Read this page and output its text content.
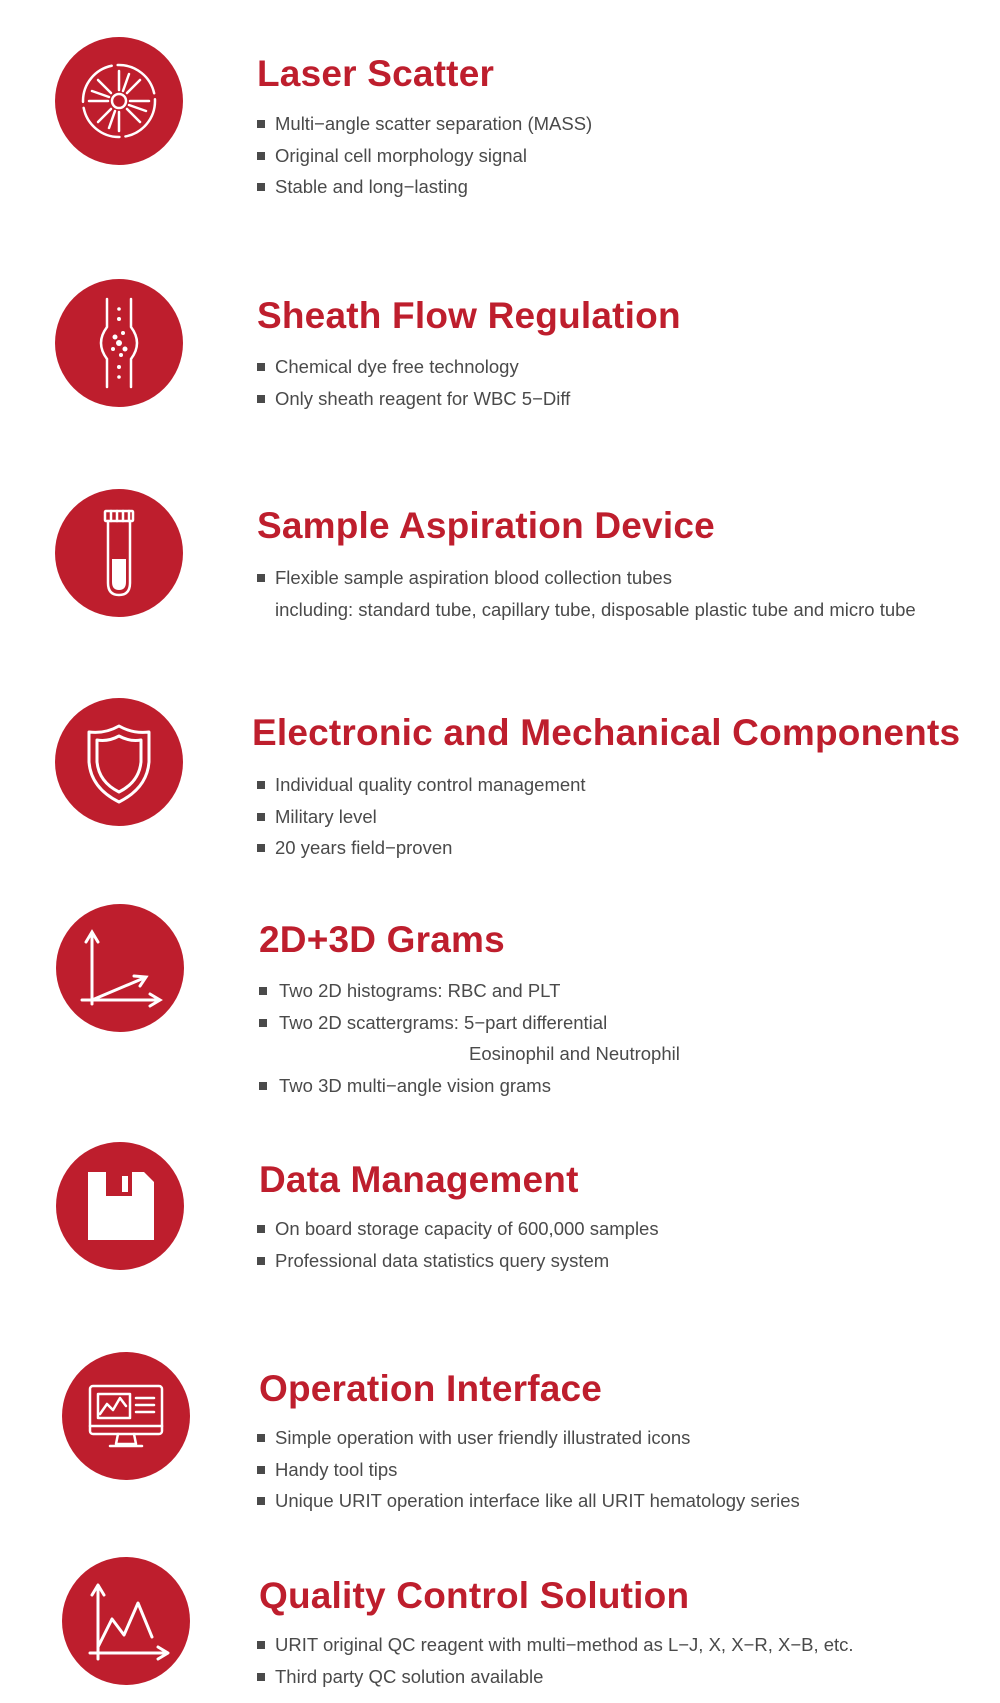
Laser Scatter
Multi−angle scatter separation (MASS)
Original cell morphology signal
Stable and long−lasting
Sheath Flow Regulation
Chemical dye free technology
Only sheath reagent for WBC 5−Diff
Sample Aspiration Device
Flexible sample aspiration blood collection tubes
including: standard tube, capillary tube, disposable plastic tube and micro tube
Electronic and Mechanical Components
Individual quality control management
Military level
20 years field−proven
2D+3D Grams
Two 2D histograms: RBC and PLT
Two 2D scattergrams: 5−part differential
Eosinophil and Neutrophil
Two 3D multi−angle vision grams
Data Management
On board storage capacity of 600,000 samples
Professional data statistics query system
Operation Interface
Simple operation with user friendly illustrated icons
Handy tool tips
Unique URIT operation interface like all URIT hematology series
Quality Control Solution
URIT original QC reagent with multi−method as L−J, X, X−R, X−B, etc.
Third party QC solution available
